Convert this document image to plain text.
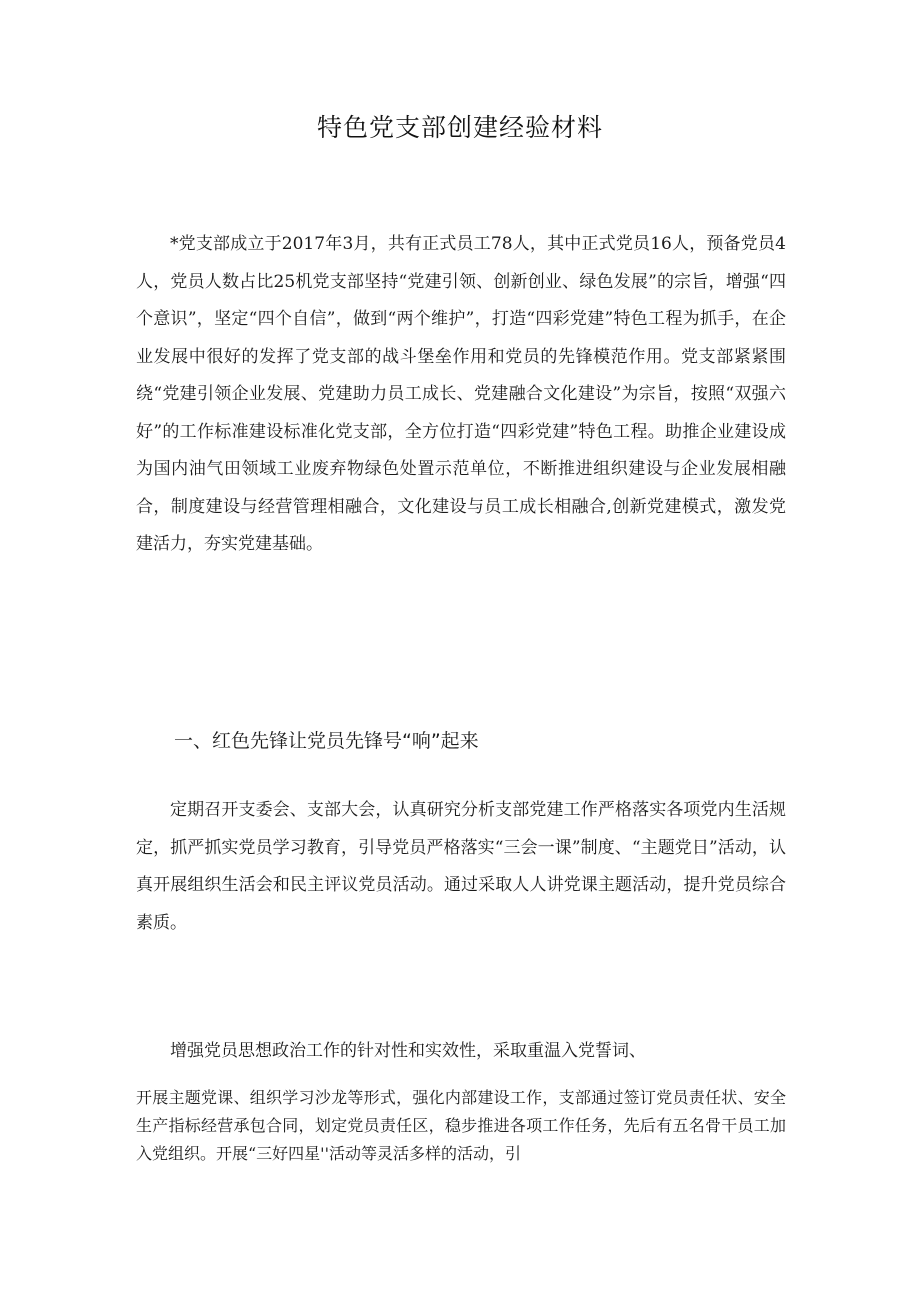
特色党支部创建经验材料

*党支部成立于2017年3月，共有正式员工78人，其中正式党员16人，预备党员4人，党员人数占比25机党支部坚持“党建引领、创新创业、绿色发展”的宗旨，增强“四个意识”，坚定“四个自信”，做到“两个维护”，打造“四彩党建”特色工程为抓手，在企业发展中很好的发挥了党支部的战斗堡垒作用和党员的先锋模范作用。党支部紧紧围绕“党建引领企业发展、党建助力员工成长、党建融合文化建设”为宗旨，按照“双强六好”的工作标准建设标准化党支部，全方位打造“四彩党建”特色工程。助推企业建设成为国内油气田领域工业废弃物绿色处置示范单位，不断推进组织建设与企业发展相融合，制度建设与经营管理相融合，文化建设与员工成长相融合,创新党建模式，激发党建活力，夯实党建基础。

一、红色先锋让党员先锋号“响”起来

定期召开支委会、支部大会，认真研究分析支部党建工作严格落实各项党内生活规定，抓严抓实党员学习教育，引导党员严格落实“三会一课”制度、“主题党日”活动，认真开展组织生活会和民主评议党员活动。通过采取人人讲党课主题活动，提升党员综合素质。

增强党员思想政治工作的针对性和实效性，采取重温入党誓词、

开展主题党课、组织学习沙龙等形式，强化内部建设工作，支部通过签订党员责任状、安全生产指标经营承包合同，划定党员责任区，稳步推进各项工作任务，先后有五名骨干员工加入党组织。开展“三好四星''活动等灵活多样的活动，引
